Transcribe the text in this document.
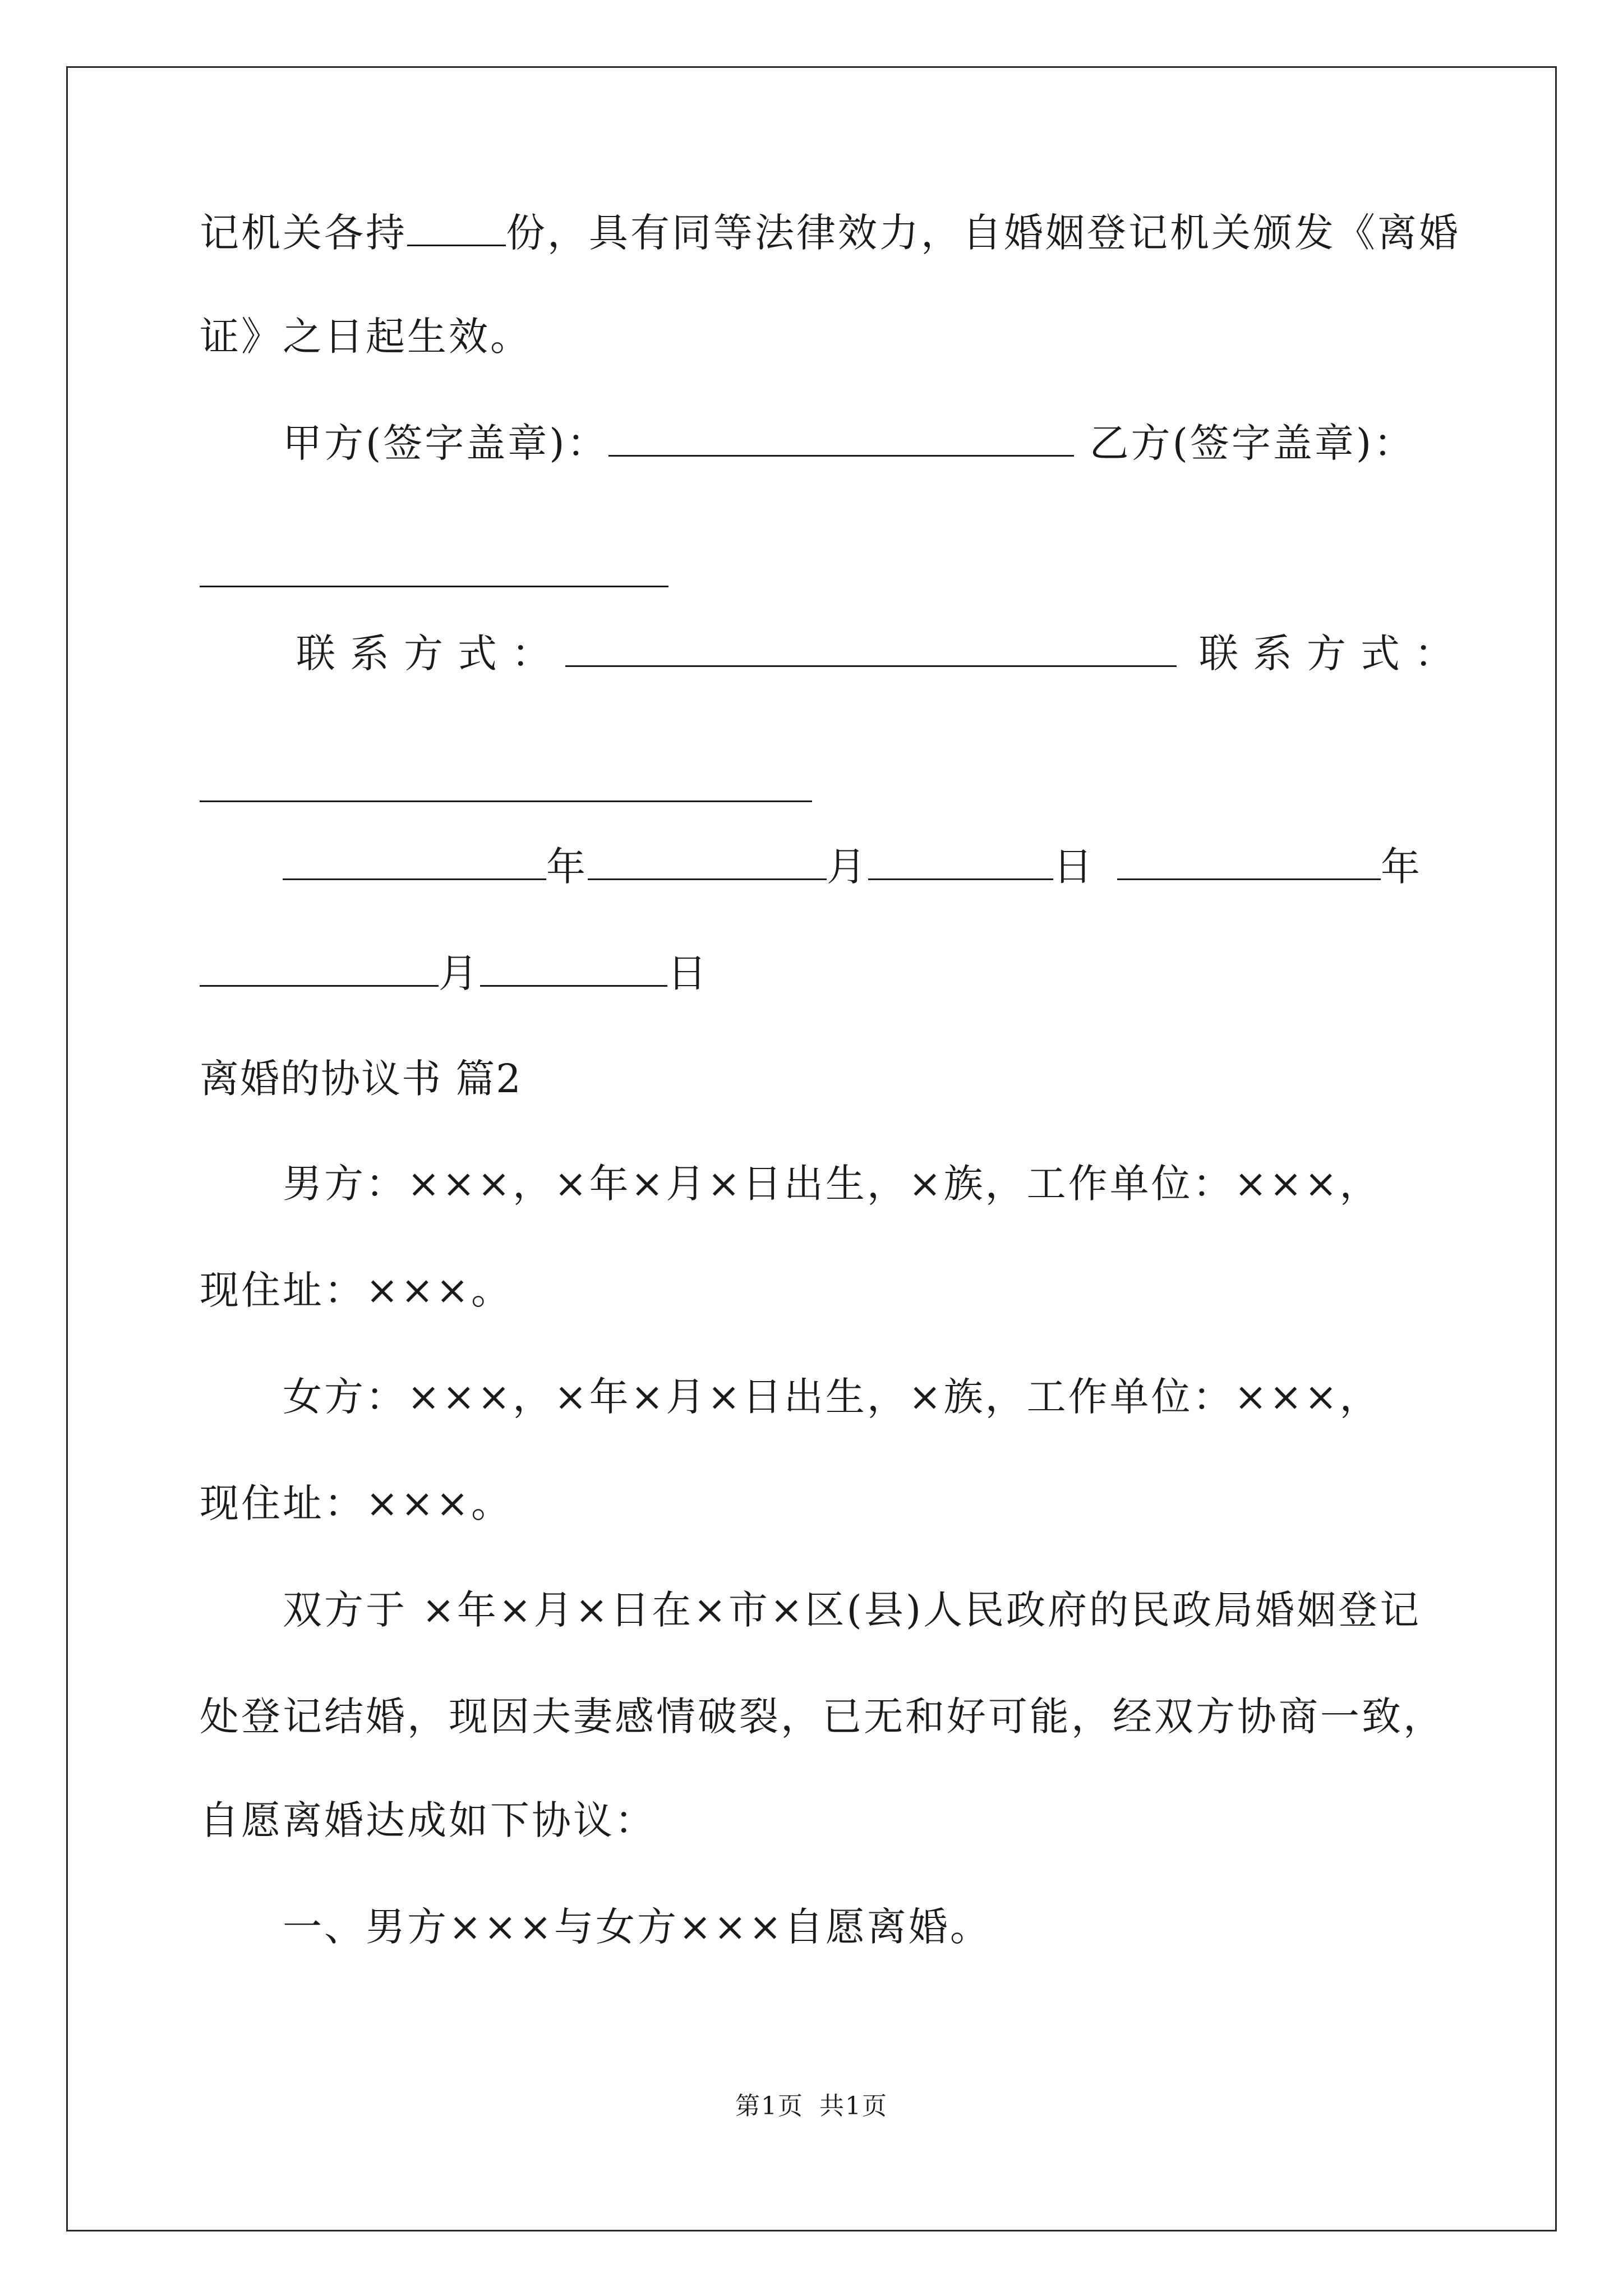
记机关各持	份，具有同等法律效力，自婚姻登记机关颁发《离婚
证》之日起生效。
甲方(签字盖章)：	乙方(签字盖章)：
联系方式：	联系方式：
年	月	日	年
月	日
离婚的协议书 篇2
男方：×××，×年×月×日出生，×族，工作单位：×××，
现住址：×××。
女方：×××，×年×月×日出生，×族，工作单位：×××，
现住址：×××。
双方于 ×年×月×日在×市×区(县)人民政府的民政局婚姻登记
处登记结婚，现因夫妻感情破裂，已无和好可能，经双方协商一致，
自愿离婚达成如下协议：
一、男方×××与女方×××自愿离婚。
第1页 共1页
